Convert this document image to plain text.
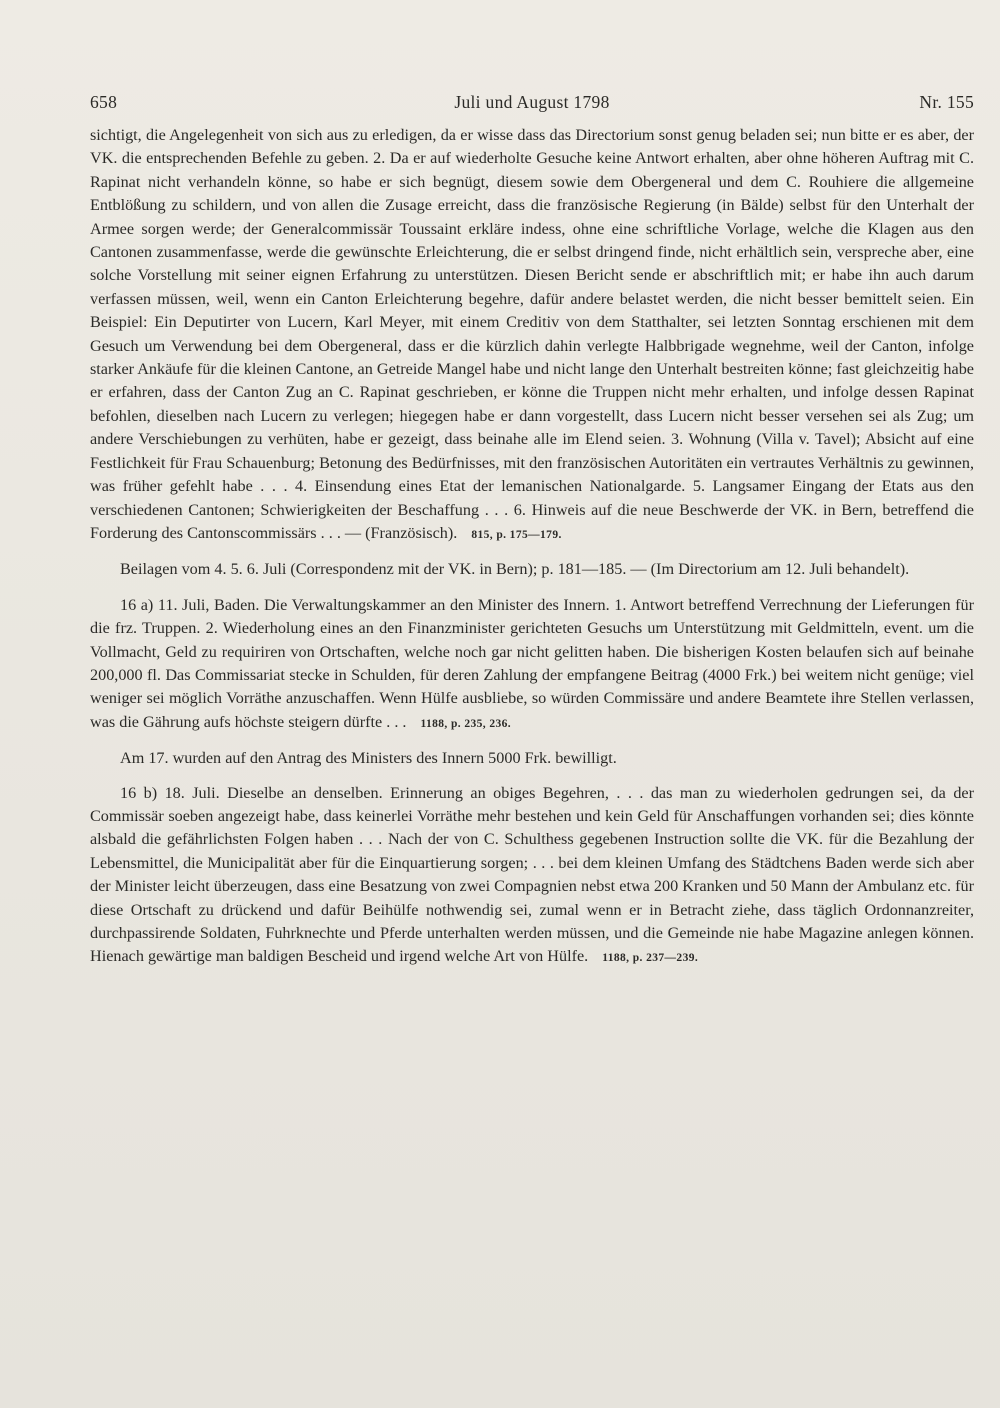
658	Juli und August 1798	Nr. 155

sichtigt, die Angelegenheit von sich aus zu erledigen, da er wisse dass das Directorium sonst genug beladen sei; nun bitte er es aber, der VK. die entsprechenden Befehle zu geben. 2. Da er auf wiederholte Gesuche keine Antwort erhalten, aber ohne höheren Auftrag mit C. Rapinat nicht verhandeln könne, so habe er sich begnügt, diesem sowie dem Obergeneral und dem C. Rouhiere die allgemeine Entblößung zu schildern, und von allen die Zusage erreicht, dass die französische Regierung (in Bälde) selbst für den Unterhalt der Armee sorgen werde; der Generalcommissär Toussaint erkläre indess, ohne eine schriftliche Vorlage, welche die Klagen aus den Cantonen zusammenfasse, werde die gewünschte Erleichterung, die er selbst dringend finde, nicht erhältlich sein, verspreche aber, eine solche Vorstellung mit seiner eignen Erfahrung zu unterstützen. Diesen Bericht sende er abschriftlich mit; er habe ihn auch darum verfassen müssen, weil, wenn ein Canton Erleichterung begehre, dafür andere belastet werden, die nicht besser bemittelt seien. Ein Beispiel: Ein Deputirter von Lucern, Karl Meyer, mit einem Creditiv von dem Statthalter, sei letzten Sonntag erschienen mit dem Gesuch um Verwendung bei dem Obergeneral, dass er die kürzlich dahin verlegte Halbbrigade wegnehme, weil der Canton, infolge starker Ankäufe für die kleinen Cantone, an Getreide Mangel habe und nicht lange den Unterhalt bestreiten könne; fast gleichzeitig habe er erfahren, dass der Canton Zug an C. Rapinat geschrieben, er könne die Truppen nicht mehr erhalten, und infolge dessen Rapinat befohlen, dieselben nach Lucern zu verlegen; hiegegen habe er dann vorgestellt, dass Lucern nicht besser versehen sei als Zug; um andere Verschiebungen zu verhüten, habe er gezeigt, dass beinahe alle im Elend seien. 3. Wohnung (Villa v. Tavel); Absicht auf eine Festlichkeit für Frau Schauenburg; Betonung des Bedürfnisses, mit den französischen Autoritäten ein vertrautes Verhältnis zu gewinnen, was früher gefehlt habe . . . 4. Einsendung eines Etat der lemanischen Nationalgarde. 5. Langsamer Eingang der Etats aus den verschiedenen Cantonen; Schwierigkeiten der Beschaffung . . . 6. Hinweis auf die neue Beschwerde der VK. in Bern, betreffend die Forderung des Cantonscommissärs . . . — (Französisch). 815, p. 175—179.

Beilagen vom 4. 5. 6. Juli (Correspondenz mit der VK. in Bern); p. 181—185. — (Im Directorium am 12. Juli behandelt).

16 a) 11. Juli, Baden. Die Verwaltungskammer an den Minister des Innern. 1. Antwort betreffend Verrechnung der Lieferungen für die frz. Truppen. 2. Wiederholung eines an den Finanzminister gerichteten Gesuchs um Unterstützung mit Geldmitteln, event. um die Vollmacht, Geld zu requiriren von Ortschaften, welche noch gar nicht gelitten haben. Die bisherigen Kosten belaufen sich auf beinahe 200,000 fl. Das Commissariat stecke in Schulden, für deren Zahlung der empfangene Beitrag (4000 Frk.) bei weitem nicht genüge; viel weniger sei möglich Vorräthe anzuschaffen. Wenn Hülfe ausbliebe, so würden Commissäre und andere Beamtete ihre Stellen verlassen, was die Gährung aufs höchste steigern dürfte . . . 1188, p. 235, 236.

Am 17. wurden auf den Antrag des Ministers des Innern 5000 Frk. bewilligt.

16 b) 18. Juli. Dieselbe an denselben. Erinnerung an obiges Begehren, . . . das man zu wiederholen gedrungen sei, da der Commissär soeben angezeigt habe, dass keinerlei Vorräthe mehr bestehen und kein Geld für Anschaffungen vorhanden sei; dies könnte alsbald die gefährlichsten Folgen haben . . . Nach der von C. Schulthess gegebenen Instruction sollte die VK. für die Bezahlung der Lebensmittel, die Municipalität aber für die Einquartierung sorgen; . . . bei dem kleinen Umfang des Städtchens Baden werde sich aber der Minister leicht überzeugen, dass eine Besatzung von zwei Compagnien nebst etwa 200 Kranken und 50 Mann der Ambulanz etc. für diese Ortschaft zu drückend und dafür Beihülfe nothwendig sei, zumal wenn er in Betracht ziehe, dass täglich Ordonnanzreiter, durchpassirende Soldaten, Fuhrknechte und Pferde unterhalten werden müssen, und die Gemeinde nie habe Magazine anlegen können. Hienach gewärtige man baldigen Bescheid und irgend welche Art von Hülfe. 1188, p. 237—239.
